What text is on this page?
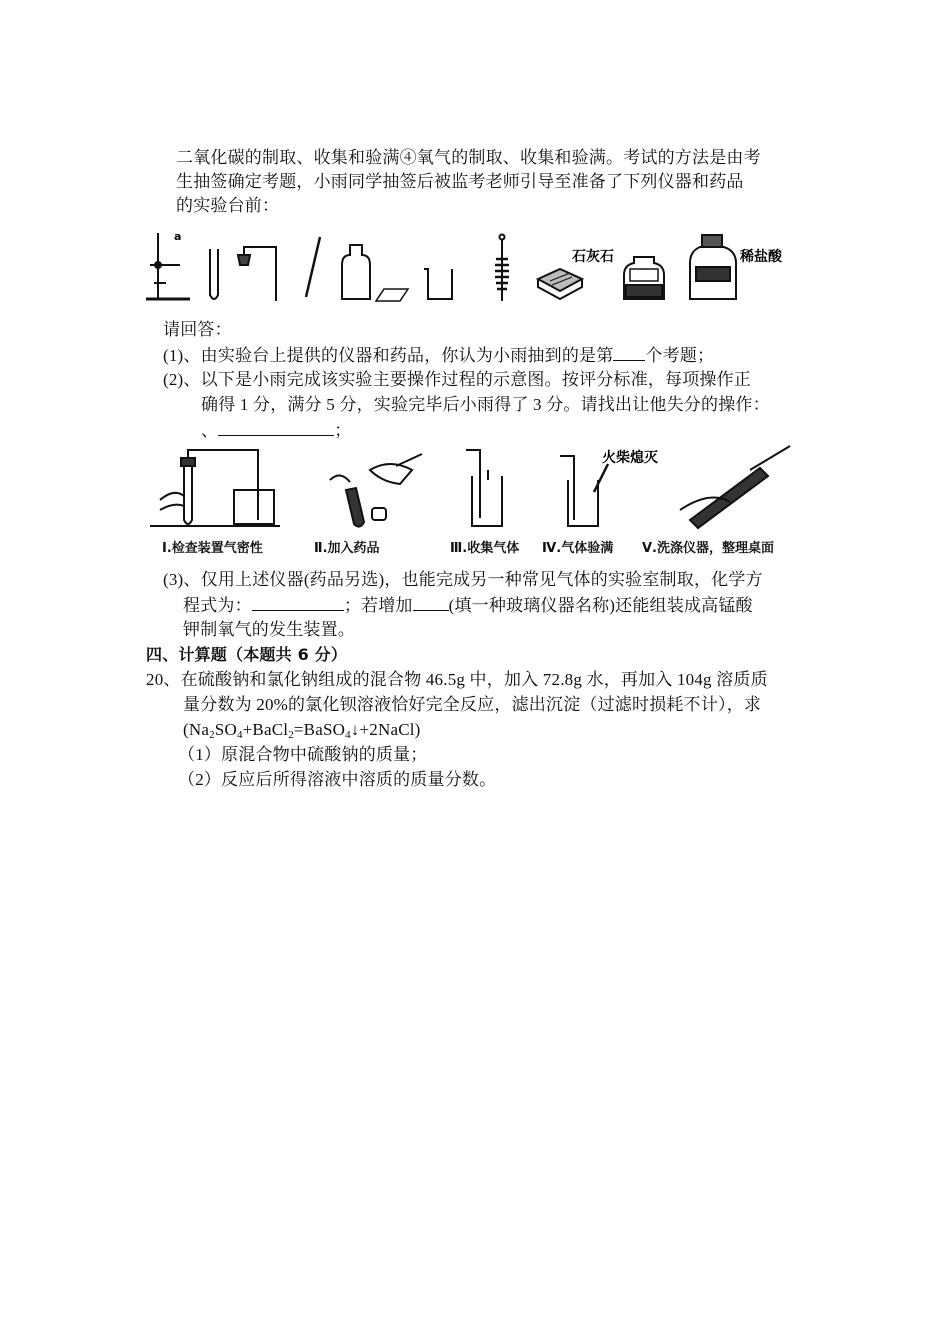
二氧化碳的制取、收集和验满④氧气的制取、收集和验满。考试的方法是由考
生抽签确定考题，小雨同学抽签后被监考老师引导至准备了下列仪器和药品
的实验台前：
a
石灰石	稀盐酸
请回答：
(1)、由实验台上提供的仪器和药品，你认为小雨抽到的是第 个考题；
(2)、以下是小雨完成该实验主要操作过程的示意图。按评分标准，每项操作正
确得 1 分，满分 5 分，实验完毕后小雨得了 3 分。请找出让他失分的操作：
、	；
火柴熄灭
Ⅰ.检查装置气密性	Ⅱ.加入药品	Ⅲ.收集气体 Ⅳ.气体验满 Ⅴ.洗涤仪器，整理桌面
(3)、仅用上述仪器(药品另选)，也能完成另一种常见气体的实验室制取，化学方
程式为：	；若增加 (填一种玻璃仪器名称)还能组装成高锰酸
钾制氧气的发生装置。
四、计算题（本题共 6 分）
20、在硫酸钠和氯化钠组成的混合物 46.5g 中，加入 72.8g 水，再加入 104g 溶质质
量分数为 20%的氯化钡溶液恰好完全反应，滤出沉淀（过滤时损耗不计），求
$(Na_2SO_4+BaCl_2=BaSO_4↓+2NaCl)$
（1）原混合物中硫酸钠的质量；
（2）反应后所得溶液中溶质的质量分数。
